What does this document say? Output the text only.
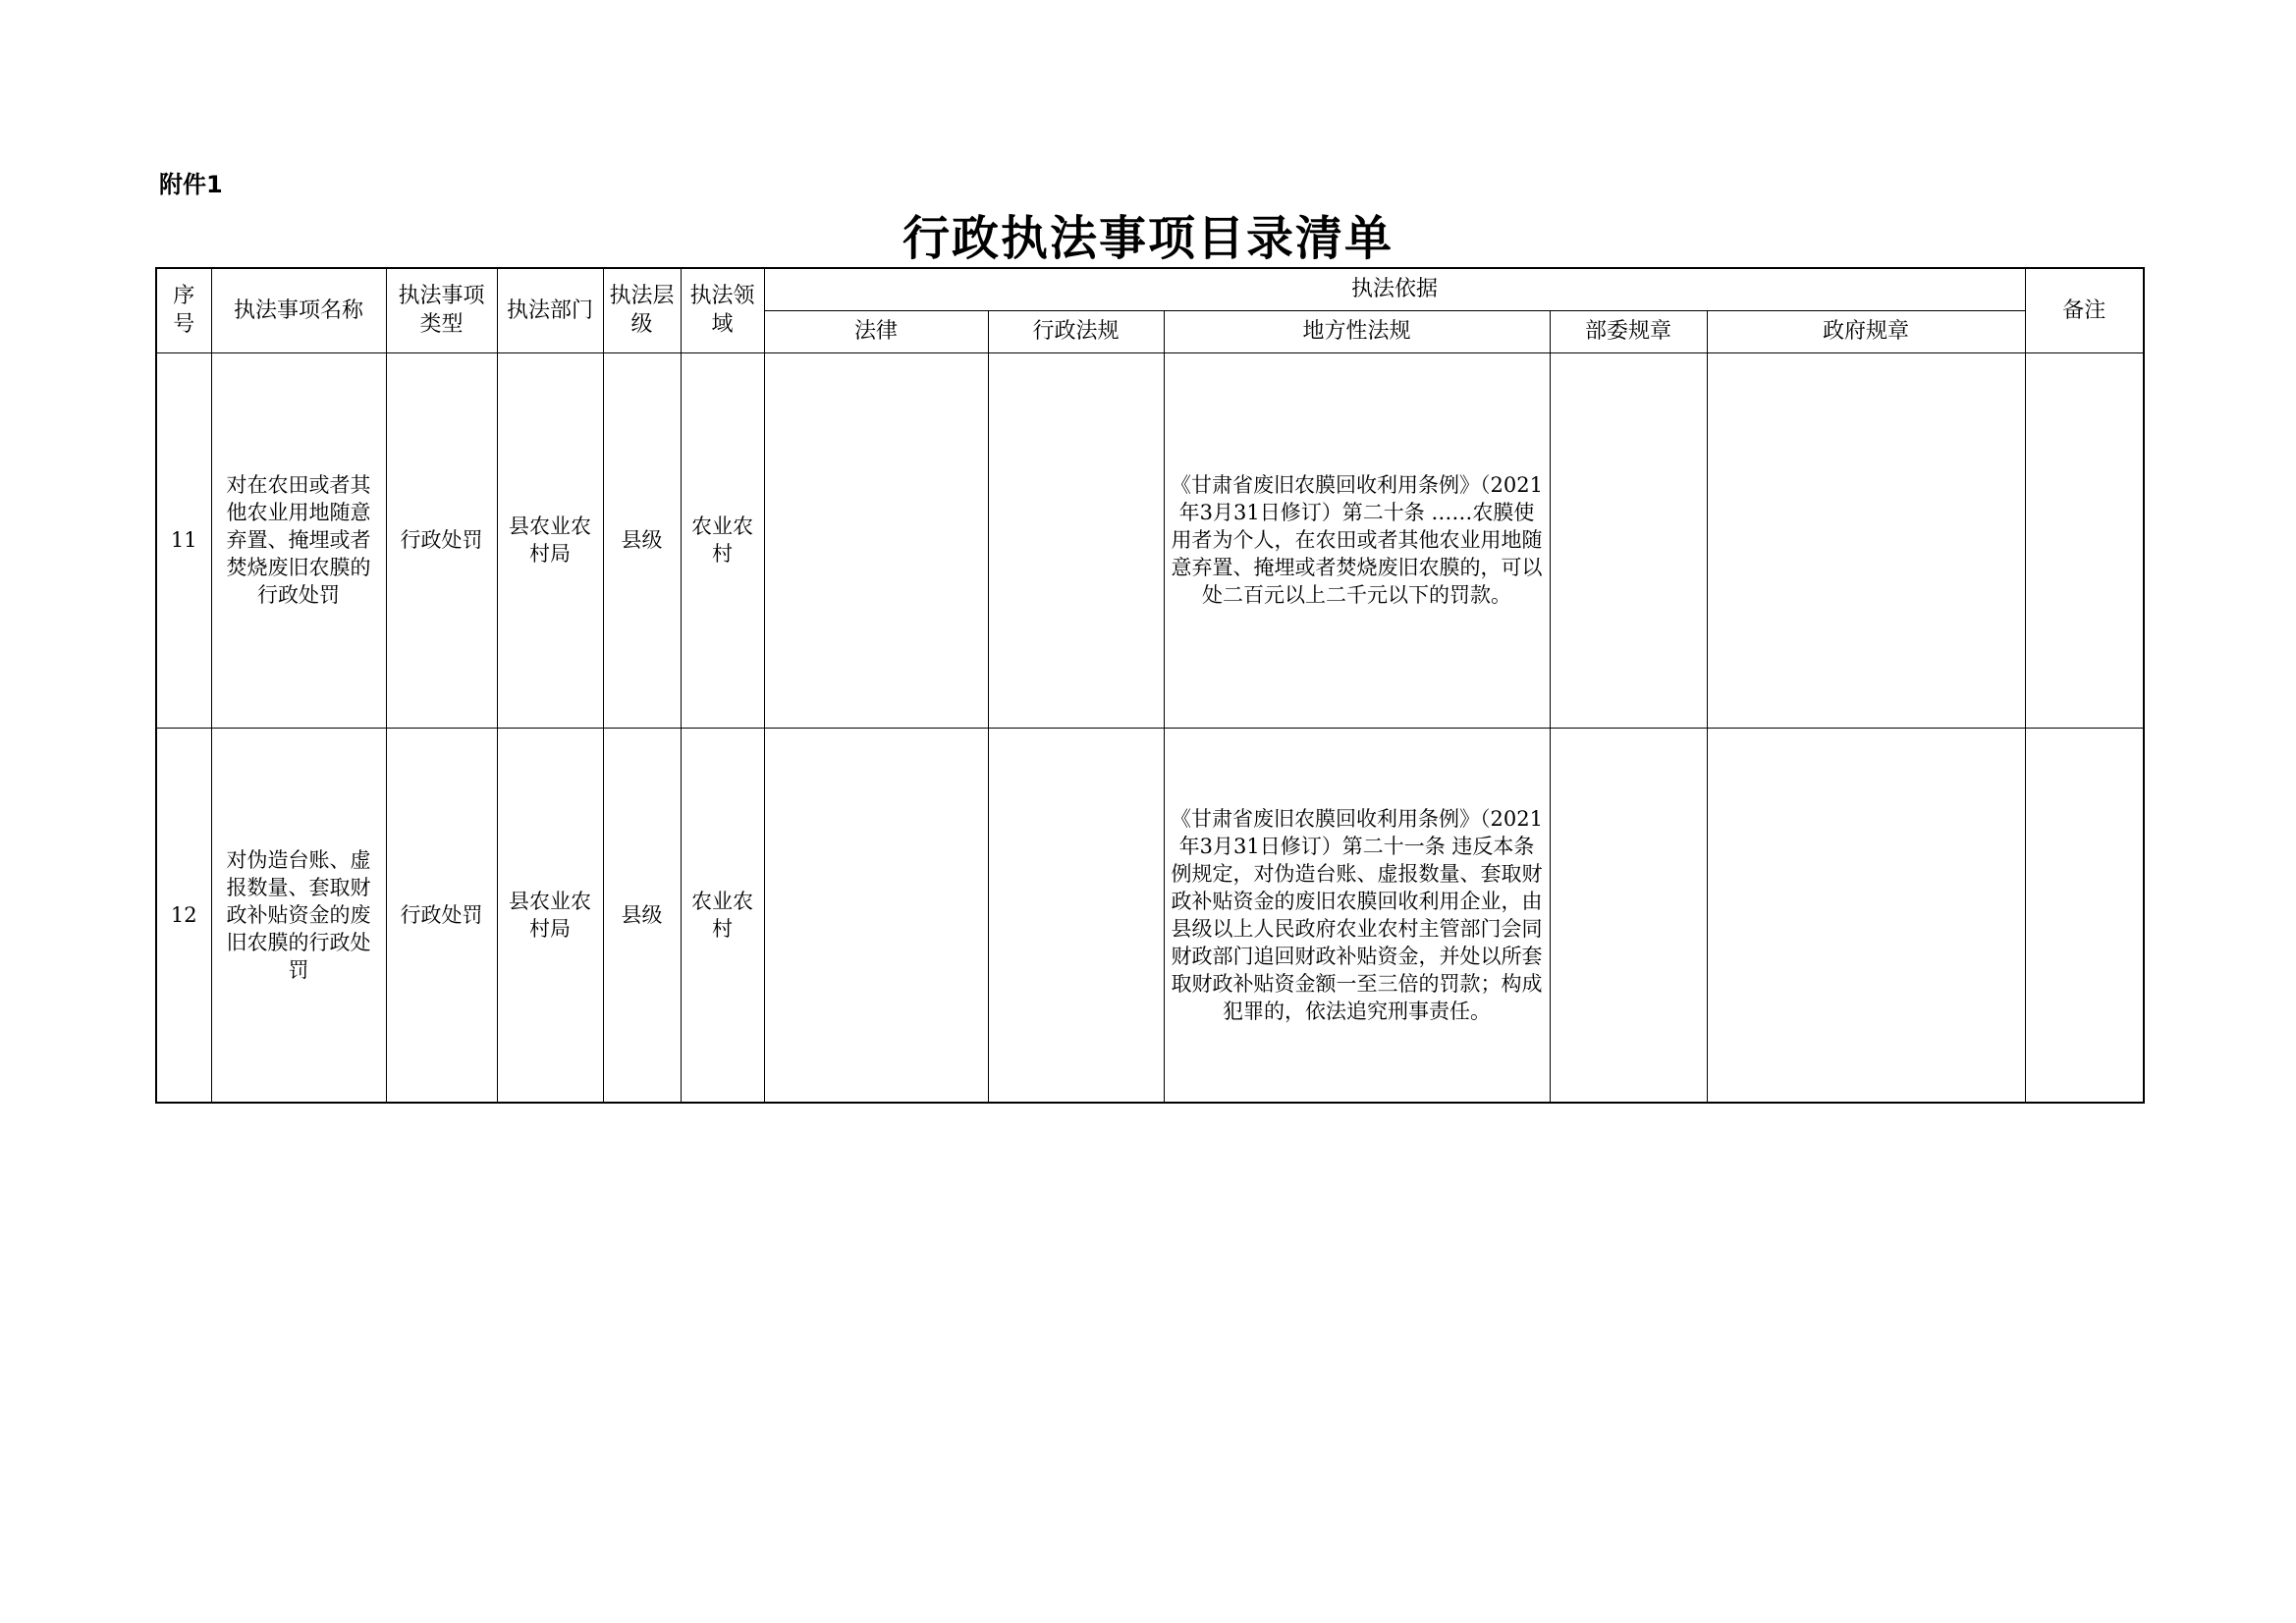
附件1
行政执法事项目录清单
序号	执法事项名称	执法事项类型	执法部门	执法层级	执法领域	执法依据					备注
						法律	行政法规	地方性法规	部委规章	政府规章	
11	对在农田或者其他农业用地随意弃置、掩埋或者焚烧废旧农膜的行政处罚	行政处罚	县农业农村局	县级	农业农村			《甘肃省废旧农膜回收利用条例》（2021年3月31日修订）第二十条 ……农膜使用者为个人，在农田或者其他农业用地随意弃置、掩埋或者焚烧废旧农膜的，可以处二百元以上二千元以下的罚款。			
12	对伪造台账、虚报数量、套取财政补贴资金的废旧农膜的行政处罚	行政处罚	县农业农村局	县级	农业农村			《甘肃省废旧农膜回收利用条例》（2021年3月31日修订）第二十一条 违反本条例规定，对伪造台账、虚报数量、套取财政补贴资金的废旧农膜回收利用企业，由县级以上人民政府农业农村主管部门会同财政部门追回财政补贴资金，并处以所套取财政补贴资金额一至三倍的罚款；构成犯罪的，依法追究刑事责任。			
